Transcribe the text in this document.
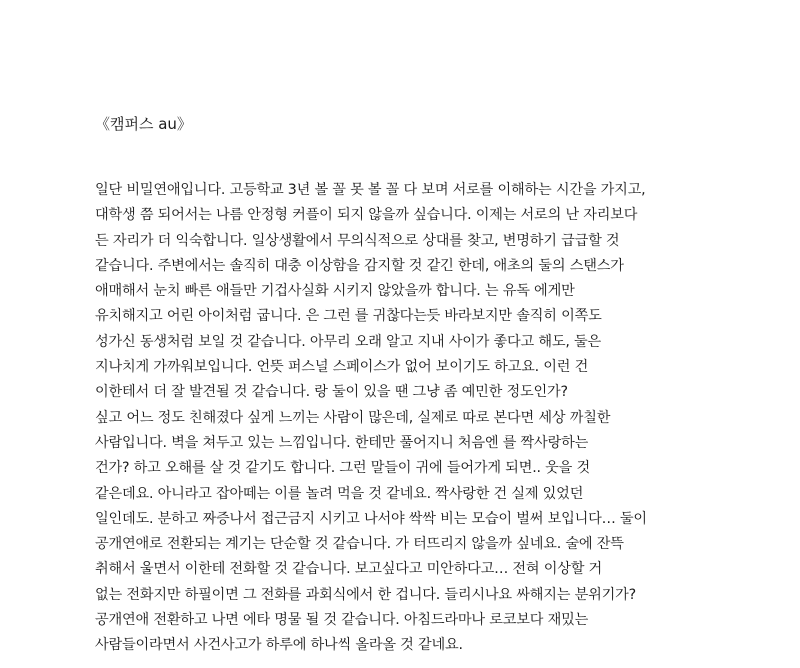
《캠퍼스 au》
일단 비밀연애입니다. 고등학교 3년 볼 꼴 못 볼 꼴 다 보며 서로를 이해하는 시간을 가지고,
대학생 쯤 되어서는 나름 안정형 커플이 되지 않을까 싶습니다. 이제는 서로의 난 자리보다
든 자리가 더 익숙합니다. 일상생활에서 무의식적으로 상대를 찾고, 변명하기 급급할 것
같습니다. 주변에서는 솔직히 대충 이상함을 감지할 것 같긴 한데, 애초의 둘의 스탠스가
애매해서 눈치 빠른 애들만 기겁사실화 시키지 않았을까 합니다. 는 유독 에게만
유치해지고 어린 아이처럼 굽니다. 은 그런 를 귀찮다는듯 바라보지만 솔직히 이쪽도
성가신 동생처럼 보일 것 같습니다. 아무리 오래 알고 지내 사이가 좋다고 해도, 둘은
지나치게 가까워보입니다. 언뜻 퍼스널 스페이스가 없어 보이기도 하고요. 이런 건
이한테서 더 잘 발견될 것 같습니다. 랑 둘이 있을 땐 그냥 좀 예민한 정도인가?
싶고 어느 정도 친해졌다 싶게 느끼는 사람이 많은데, 실제로 따로 본다면 세상 까칠한
사람입니다. 벽을 쳐두고 있는 느낌입니다. 한테만 풀어지니 처음엔 를 짝사랑하는
건가? 하고 오해를 살 것 같기도 합니다. 그런 말들이 귀에 들어가게 되면.. 웃을 것
같은데요. 아니라고 잡아떼는 이를 놀려 먹을 것 같네요. 짝사랑한 건 실제 있었던
일인데도. 분하고 짜증나서 접근금지 시키고 나서야 싹싹 비는 모습이 벌써 보입니다… 둘이
공개연애로 전환되는 계기는 단순할 것 같습니다. 가 터뜨리지 않을까 싶네요. 술에 잔뜩
취해서 울면서 이한테 전화할 것 같습니다. 보고싶다고 미안하다고… 전혀 이상할 거
없는 전화지만 하필이면 그 전화를 과회식에서 한 겁니다. 들리시나요 싸해지는 분위기가?
공개연애 전환하고 나면 에타 명물 될 것 같습니다. 아침드라마나 로코보다 재밌는
사람들이라면서 사건사고가 하루에 하나씩 올라올 것 같네요.
